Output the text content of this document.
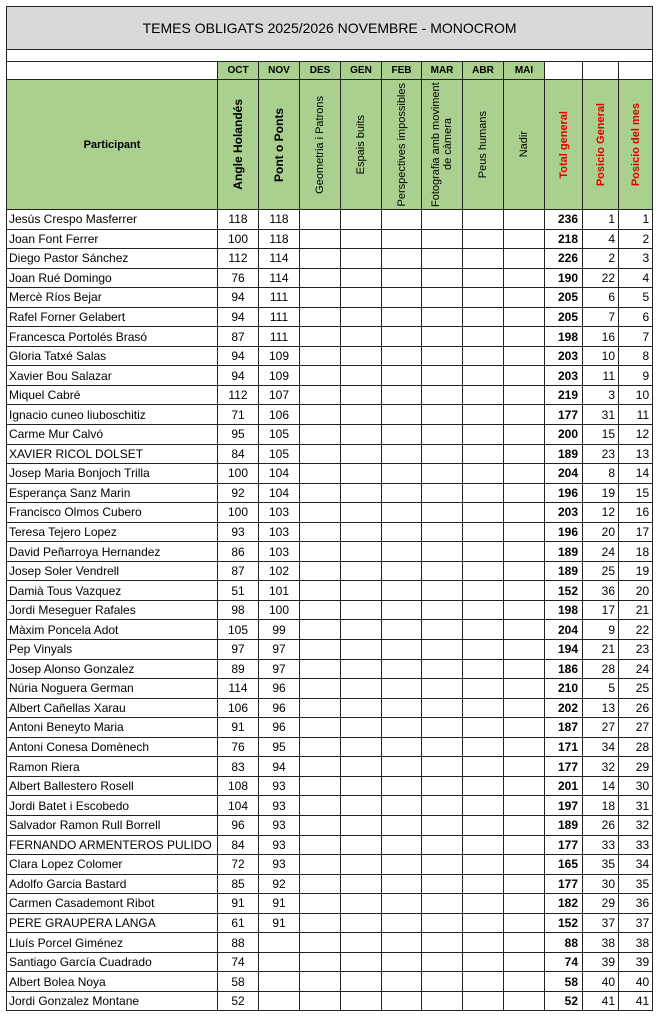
TEMES OBLIGATS 2025/2026 NOVEMBRE - MONOCROM											

	OCT	NOV	DES	GEN	FEB	MAR	ABR	MAI			
Participant	Angle Holandés	Pont o Ponts	Geometria i Patrons	Espais buits	Perspectives impossibles	Fotografia amb moviment de càmera	Peus humans	Nadir	Total general	Posicio General	Posicio del mes

Jesús Crespo Masferrer	118	118							236	1	1
Joan Font Ferrer	100	118							218	4	2
Diego Pastor Sánchez	112	114							226	2	3
Joan Rué Domingo	76	114							190	22	4
Mercè Ríos Bejar	94	111							205	6	5
Rafel Forner Gelabert	94	111							205	7	6
Francesca Portolés Brasó	87	111							198	16	7
Gloria Tatxé Salas	94	109							203	10	8
Xavier Bou Salazar	94	109							203	11	9
Miquel Cabré	112	107							219	3	10
Ignacio cuneo liuboschitiz	71	106							177	31	11
Carme Mur Calvó	95	105							200	15	12
XAVIER RICOL DOLSET	84	105							189	23	13
Josep Maria Bonjoch Trilla	100	104							204	8	14
Esperança Sanz Marin	92	104							196	19	15
Francisco Olmos Cubero	100	103							203	12	16
Teresa Tejero Lopez	93	103							196	20	17
David Peñarroya Hernandez	86	103							189	24	18
Josep Soler Vendrell	87	102							189	25	19
Damià Tous Vazquez	51	101							152	36	20
Jordi Meseguer Rafales	98	100							198	17	21
Màxim Poncela Adot	105	99							204	9	22
Pep Vinyals	97	97							194	21	23
Josep Alonso Gonzalez	89	97							186	28	24
Núria Noguera German	114	96							210	5	25
Albert Cañellas Xarau	106	96							202	13	26
Antoni Beneyto Maria	91	96							187	27	27
Antoni Conesa Domènech	76	95							171	34	28
Ramon Riera	83	94							177	32	29
Albert Ballestero Rosell	108	93							201	14	30
Jordi Batet i Escobedo	104	93							197	18	31
Salvador Ramon Rull Borrell	96	93							189	26	32
FERNANDO ARMENTEROS PULIDO	84	93							177	33	33
Clara Lopez Colomer	72	93							165	35	34
Adolfo Garcia Bastard	85	92							177	30	35
Carmen Casademont Ribot	91	91							182	29	36
PERE GRAUPERA LANGA	61	91							152	37	37
Lluís Porcel Giménez	88								88	38	38
Santiago García Cuadrado	74								74	39	39
Albert Bolea Noya	58								58	40	40
Jordi Gonzalez Montane	52								52	41	41
